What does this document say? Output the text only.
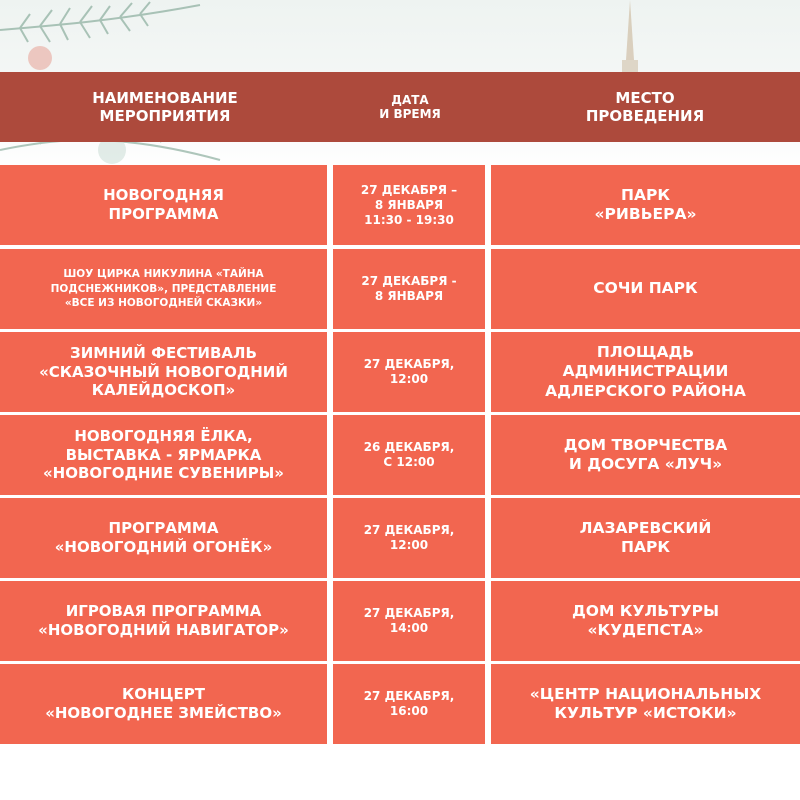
НАИМЕНОВАНИЕ
МЕРОПРИЯТИЯ
ДАТА
И ВРЕМЯ
МЕСТО
ПРОВЕДЕНИЯ
НОВОГОДНЯЯ
ПРОГРАММА
27 ДЕКАБРЯ –
8 ЯНВАРЯ
11:30 - 19:30
ПАРК
«РИВЬЕРА»
ШОУ ЦИРКА НИКУЛИНА «ТАЙНА
ПОДСНЕЖНИКОВ», ПРЕДСТАВЛЕНИЕ
«ВСЕ ИЗ НОВОГОДНЕЙ СКАЗКИ»
27 ДЕКАБРЯ -
8 ЯНВАРЯ	СОЧИ ПАРК
ЗИМНИЙ ФЕСТИВАЛЬ
«СКАЗОЧНЫЙ НОВОГОДНИЙ
КАЛЕЙДОСКОП»
27 ДЕКАБРЯ,
12:00
ПЛОЩАДЬ
АДМИНИСТРАЦИИ
АДЛЕРСКОГО РАЙОНА
НОВОГОДНЯЯ ЁЛКА,
ВЫСТАВКА - ЯРМАРКА
«НОВОГОДНИЕ СУВЕНИРЫ»
26 ДЕКАБРЯ,
С 12:00
ДОМ ТВОРЧЕСТВА
И ДОСУГА «ЛУЧ»
ПРОГРАММА
«НОВОГОДНИЙ ОГОНЁК»
27 ДЕКАБРЯ,
12:00
ЛАЗАРЕВСКИЙ
ПАРК
ИГРОВАЯ ПРОГРАММА
«НОВОГОДНИЙ НАВИГАТОР»
27 ДЕКАБРЯ,
14:00
ДОМ КУЛЬТУРЫ
«КУДЕПСТА»
КОНЦЕРТ
«НОВОГОДНЕЕ ЗМЕЙСТВО»
27 ДЕКАБРЯ,
16:00
«ЦЕНТР НАЦИОНАЛЬНЫХ
КУЛЬТУР «ИСТОКИ»
